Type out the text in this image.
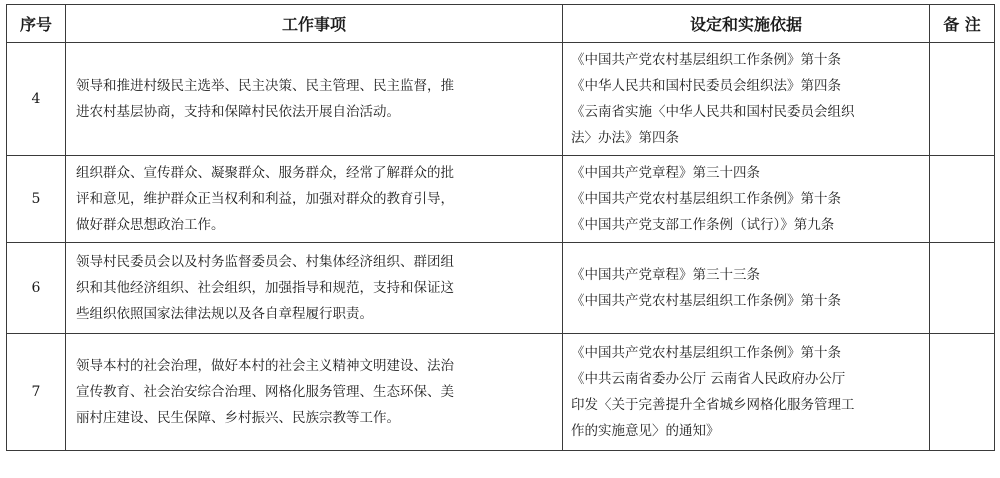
序号	工作事项	设定和实施依据	备 注
4	领导和推进村级民主选举、民主决策、民主管理、民主监督，推
进农村基层协商，支持和保障村民依法开展自治活动。	《中国共产党农村基层组织工作条例》第十条
《中华人民共和国村民委员会组织法》第四条
《云南省实施〈中华人民共和国村民委员会组织
法〉办法》第四条	

5	组织群众、宣传群众、凝聚群众、服务群众，经常了解群众的批
评和意见，维护群众正当权利和利益，加强对群众的教育引导，
做好群众思想政治工作。	《中国共产党章程》第三十四条
《中国共产党农村基层组织工作条例》第十条
《中国共产党支部工作条例（试行）》第九条	

6	领导村民委员会以及村务监督委员会、村集体经济组织、群团组
织和其他经济组织、社会组织，加强指导和规范，支持和保证这
些组织依照国家法律法规以及各自章程履行职责。	《中国共产党章程》第三十三条
《中国共产党农村基层组织工作条例》第十条	

7	领导本村的社会治理，做好本村的社会主义精神文明建设、法治
宣传教育、社会治安综合治理、网格化服务管理、生态环保、美
丽村庄建设、民生保障、乡村振兴、民族宗教等工作。	《中国共产党农村基层组织工作条例》第十条
《中共云南省委办公厅 云南省人民政府办公厅
印发〈关于完善提升全省城乡网格化服务管理工
作的实施意见〉的通知》	
